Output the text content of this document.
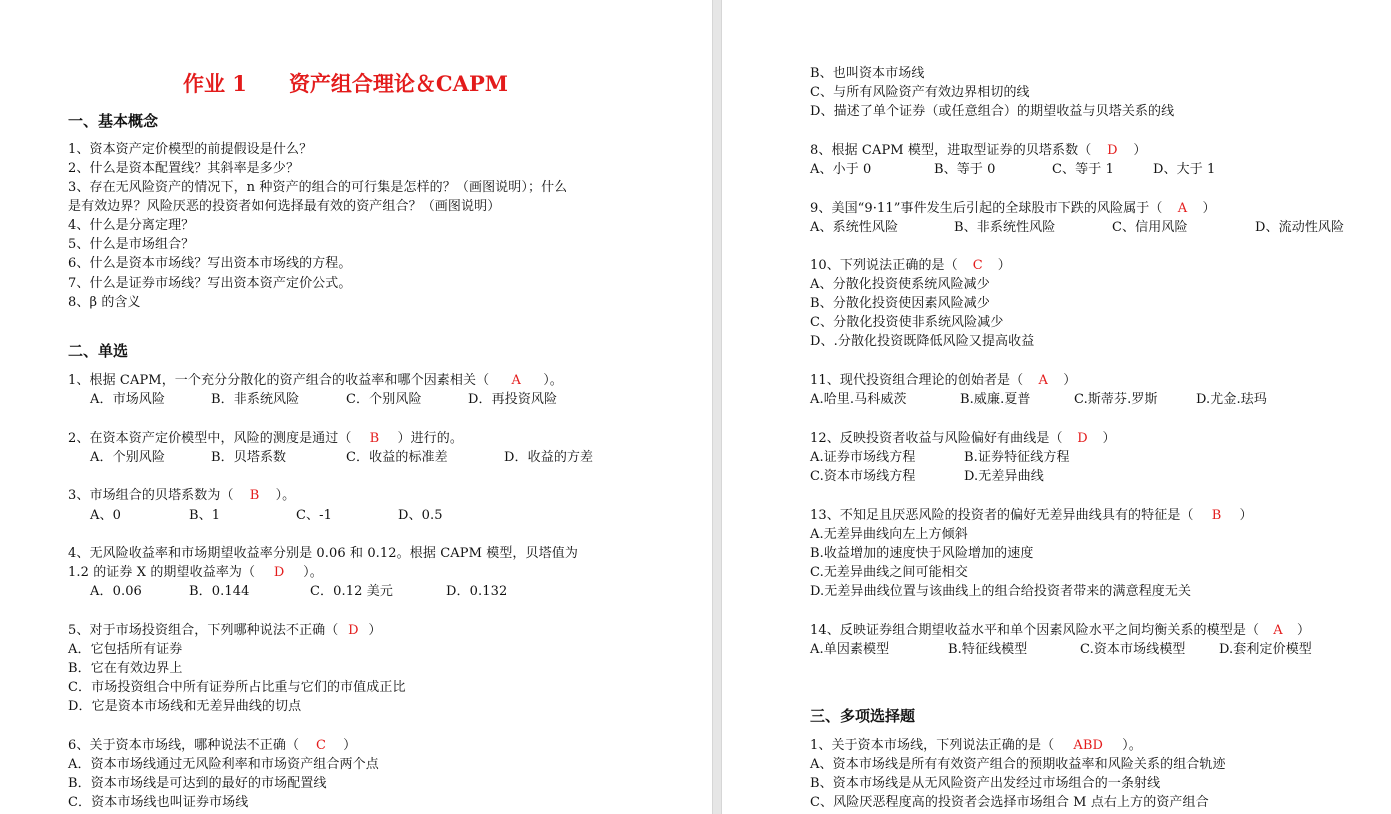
作业 1 资产组合理论＆CAPM
一、基本概念
1、资本资产定价模型的前提假设是什么？
2、什么是资本配置线？其斜率是多少？
3、存在无风险资产的情况下，n 种资产的组合的可行集是怎样的？（画图说明）；什么
是有效边界？风险厌恶的投资者如何选择最有效的资产组合？（画图说明）
4、什么是分离定理？
5、什么是市场组合？
6、什么是资本市场线？写出资本市场线的方程。
7、什么是证券市场线？写出资本资产定价公式。
8、β 的含义
二、单选
1、根据 CAPM，一个充分分散化的资产组合的收益率和哪个因素相关（ A ）。
A．市场风险	B．非系统风险	C．个别风险	D．再投资风险
2、在资本资产定价模型中，风险的测度是通过（ B ）进行的。
A．个别风险	B．贝塔系数	C．收益的标准差	D．收益的方差
3、市场组合的贝塔系数为（ B ）。
A、0	B、1	C、-1	D、0.5
4、无风险收益率和市场期望收益率分别是 0.06 和 0.12。根据 CAPM 模型，贝塔值为
1.2 的证券 X 的期望收益率为（ D ）。
A．0.06	B．0.144	C．0.12 美元	D．0.132
5、对于市场投资组合，下列哪种说法不正确（ D ）
A．它包括所有证券
B．它在有效边界上
C．市场投资组合中所有证券所占比重与它们的市值成正比
D．它是资本市场线和无差异曲线的切点
6、关于资本市场线，哪种说法不正确（ C ）
A．资本市场线通过无风险利率和市场资产组合两个点
B．资本市场线是可达到的最好的市场配置线
C．资本市场线也叫证券市场线
B、也叫资本市场线
C、与所有风险资产有效边界相切的线
D、描述了单个证券（或任意组合）的期望收益与贝塔关系的线
8、根据 CAPM 模型，进取型证券的贝塔系数（ D ）
A、小于 0	B、等于 0	C、等于 1	D、大于 1
9、美国“9·11”事件发生后引起的全球股市下跌的风险属于（ A ）
A、系统性风险	B、非系统性风险	C、信用风险	D、流动性风险
10、下列说法正确的是（ C ）
A、分散化投资使系统风险减少
B、分散化投资使因素风险减少
C、分散化投资使非系统风险减少
D、.分散化投资既降低风险又提高收益
11、现代投资组合理论的创始者是（ A ）
A.哈里.马科威茨	B.威廉.夏普	C.斯蒂芬.罗斯	D.尤金.珐玛
12、反映投资者收益与风险偏好有曲线是（ D ）
A.证券市场线方程	B.证券特征线方程
C.资本市场线方程	D.无差异曲线
13、不知足且厌恶风险的投资者的偏好无差异曲线具有的特征是（ B ）
A.无差异曲线向左上方倾斜
B.收益增加的速度快于风险增加的速度
C.无差异曲线之间可能相交
D.无差异曲线位置与该曲线上的组合给投资者带来的满意程度无关
14、反映证券组合期望收益水平和单个因素风险水平之间均衡关系的模型是（ A ）
A.单因素模型	B.特征线模型	C.资本市场线模型	D.套利定价模型
三、多项选择题
1、关于资本市场线，下列说法正确的是（ ABD ）。
A、资本市场线是所有有效资产组合的预期收益率和风险关系的组合轨迹
B、资本市场线是从无风险资产出发经过市场组合的一条射线
C、风险厌恶程度高的投资者会选择市场组合 M 点右上方的资产组合
